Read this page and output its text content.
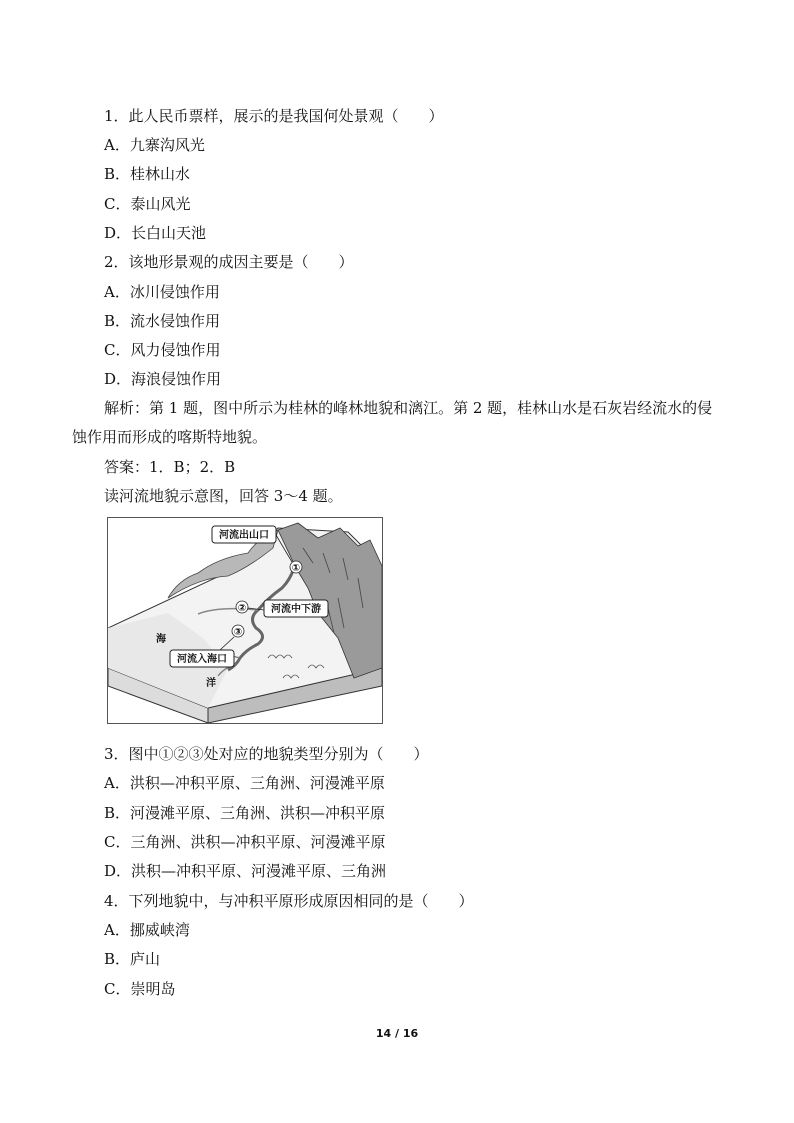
1．此人民币票样，展示的是我国何处景观（　　）
A．九寨沟风光
B．桂林山水
C．泰山风光
D．长白山天池
2．该地形景观的成因主要是（　　）
A．冰川侵蚀作用
B．流水侵蚀作用
C．风力侵蚀作用
D．海浪侵蚀作用
解析：第 1 题，图中所示为桂林的峰林地貌和漓江。第 2 题，桂林山水是石灰岩经流水的侵蚀作用而形成的喀斯特地貌。
答案：1．B；2．B
读河流地貌示意图，回答 3～4 题。
河流出山口
①
② 河流中下游
③
河流入海口
海
洋
3．图中①②③处对应的地貌类型分别为（　　）
A．洪积—冲积平原、三角洲、河漫滩平原
B．河漫滩平原、三角洲、洪积—冲积平原
C．三角洲、洪积—冲积平原、河漫滩平原
D．洪积—冲积平原、河漫滩平原、三角洲
4．下列地貌中，与冲积平原形成原因相同的是（　　）
A．挪威峡湾
B．庐山
C．崇明岛
14 / 16
